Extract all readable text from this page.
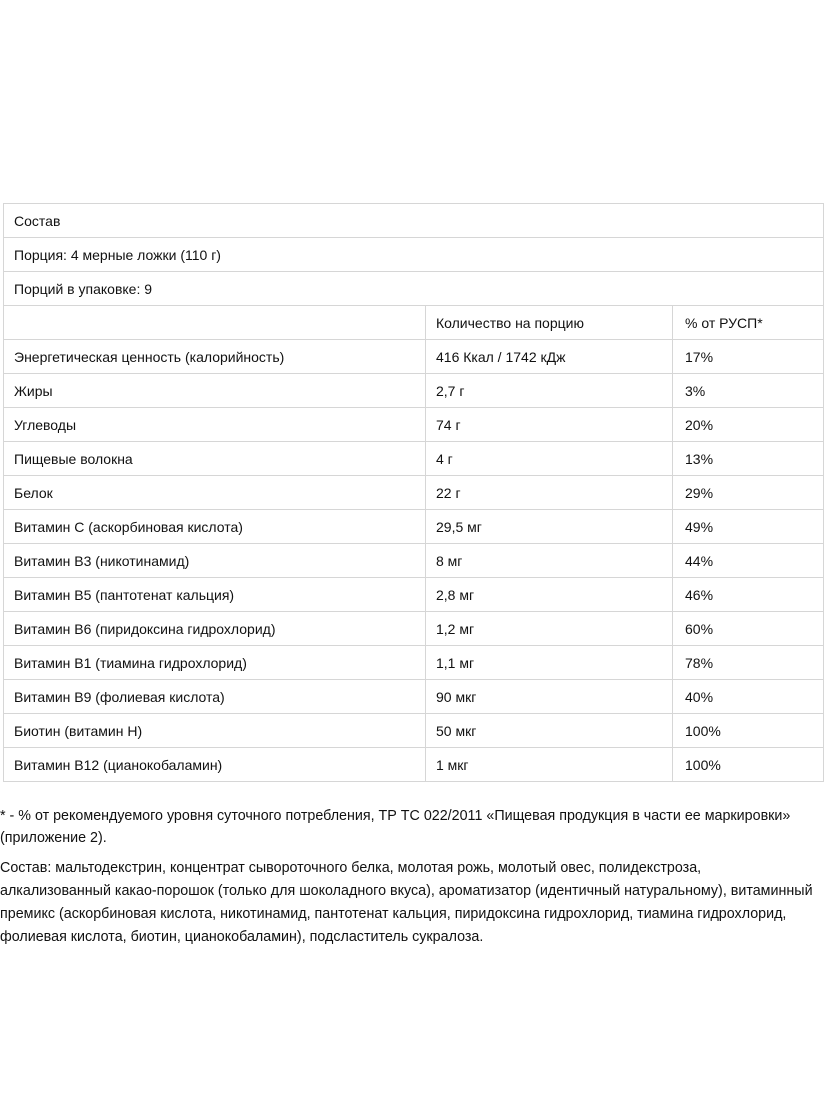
Состав		
Порция: 4 мерные ложки (110 г)		
Порций в упаковке: 9		
	Количество на порцию	% от РУСП*
Энергетическая ценность (калорийность)	416 Ккал / 1742 кДж	17%
Жиры	2,7 г	3%
Углеводы	74 г	20%
Пищевые волокна	4 г	13%
Белок	22 г	29%
Витамин С (аскорбиновая кислота)	29,5 мг	49%
Витамин В3 (никотинамид)	8 мг	44%
Витамин В5 (пантотенат кальция)	2,8 мг	46%
Витамин В6 (пиридоксина гидрохлорид)	1,2 мг	60%
Витамин В1 (тиамина гидрохлорид)	1,1 мг	78%
Витамин В9 (фолиевая кислота)	90 мкг	40%
Биотин (витамин Н)	50 мкг	100%
Витамин В12 (цианокобаламин)	1 мкг	100%

* - % от рекомендуемого уровня суточного потребления, ТР ТС 022/2011 «Пищевая продукция в части ее маркировки» (приложение 2).

Состав: мальтодекстрин, концентрат сывороточного белка, молотая рожь, молотый овес, полидекстроза, алкализованный какао-порошок (только для шоколадного вкуса), ароматизатор (идентичный натуральному), витаминный премикс (аскорбиновая кислота, никотинамид, пантотенат кальция, пиридоксина гидрохлорид, тиамина гидрохлорид, фолиевая кислота, биотин, цианокобаламин), подсластитель сукралоза.
